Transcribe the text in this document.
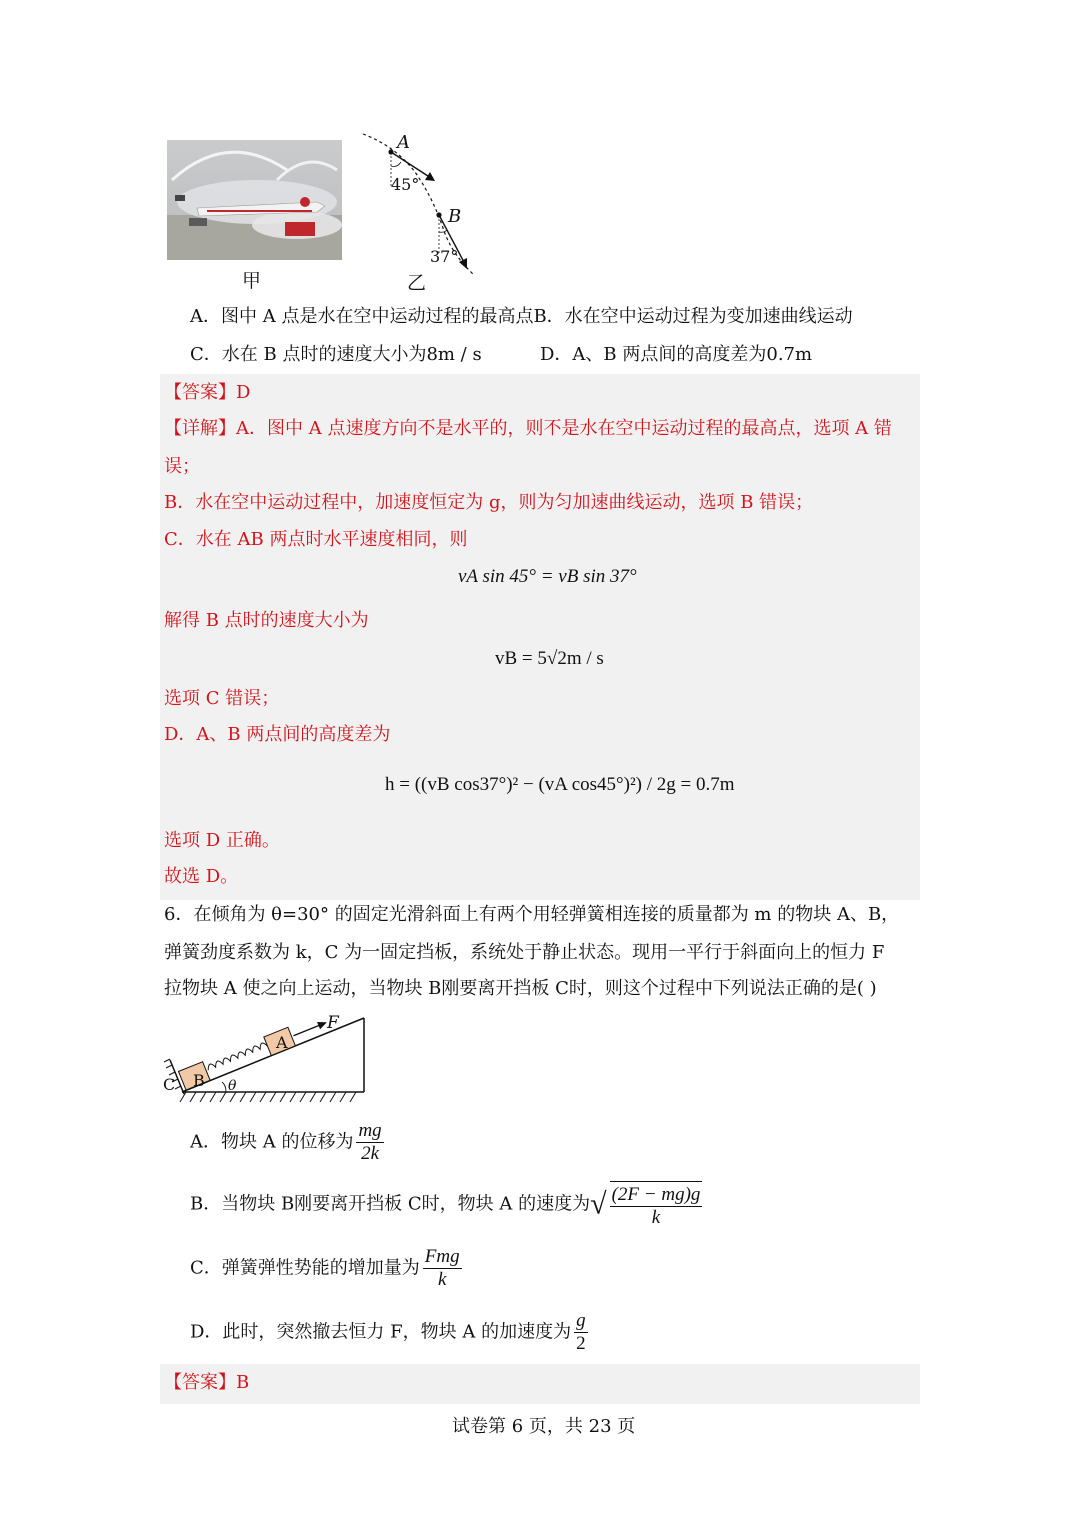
甲
A
B
45°
37°
乙
A．图中 A 点是水在空中运动过程的最高点B．水在空中运动过程为变加速曲线运动
C．水在 B 点时的速度大小为8m / s	D．A、B 两点间的高度差为0.7m
【答案】D
【详解】A．图中 A 点速度方向不是水平的，则不是水在空中运动过程的最高点，选项 A 错
误；
B．水在空中运动过程中，加速度恒定为 g，则为匀加速曲线运动，选项 B 错误；
C．水在 AB 两点时水平速度相同，则
vA sin 45° = vB sin 37°
解得 B 点时的速度大小为
vB = 5√2m / s
选项 C 错误；
D．A、B 两点间的高度差为
h = ((vB cos37°)² − (vA cos45°)²) / 2g = 0.7m
选项 D 正确。
故选 D。
6．在倾角为 θ=30° 的固定光滑斜面上有两个用轻弹簧相连接的质量都为 m 的物块 A、B，
弹簧劲度系数为 k，C 为一固定挡板，系统处于静止状态。现用一平行于斜面向上的恒力 F
拉物块 A 使之向上运动，当物块 B刚要离开挡板 C时，则这个过程中下列说法正确的是( )
F
A
B
C	θ
A．物块 A 的位移为 $\frac{mg}{2k}$
B．当物块 B刚要离开挡板 C时，物块 A 的速度为√ $\frac{(2F - mg)g}{k}$
C．弹簧弹性势能的增加量为 $\frac{\text{Fmg}}{k}$
D．此时，突然撤去恒力 F，物块 A 的加速度为 $\frac{g}{2}$
【答案】B
试卷第 6 页，共 23 页
